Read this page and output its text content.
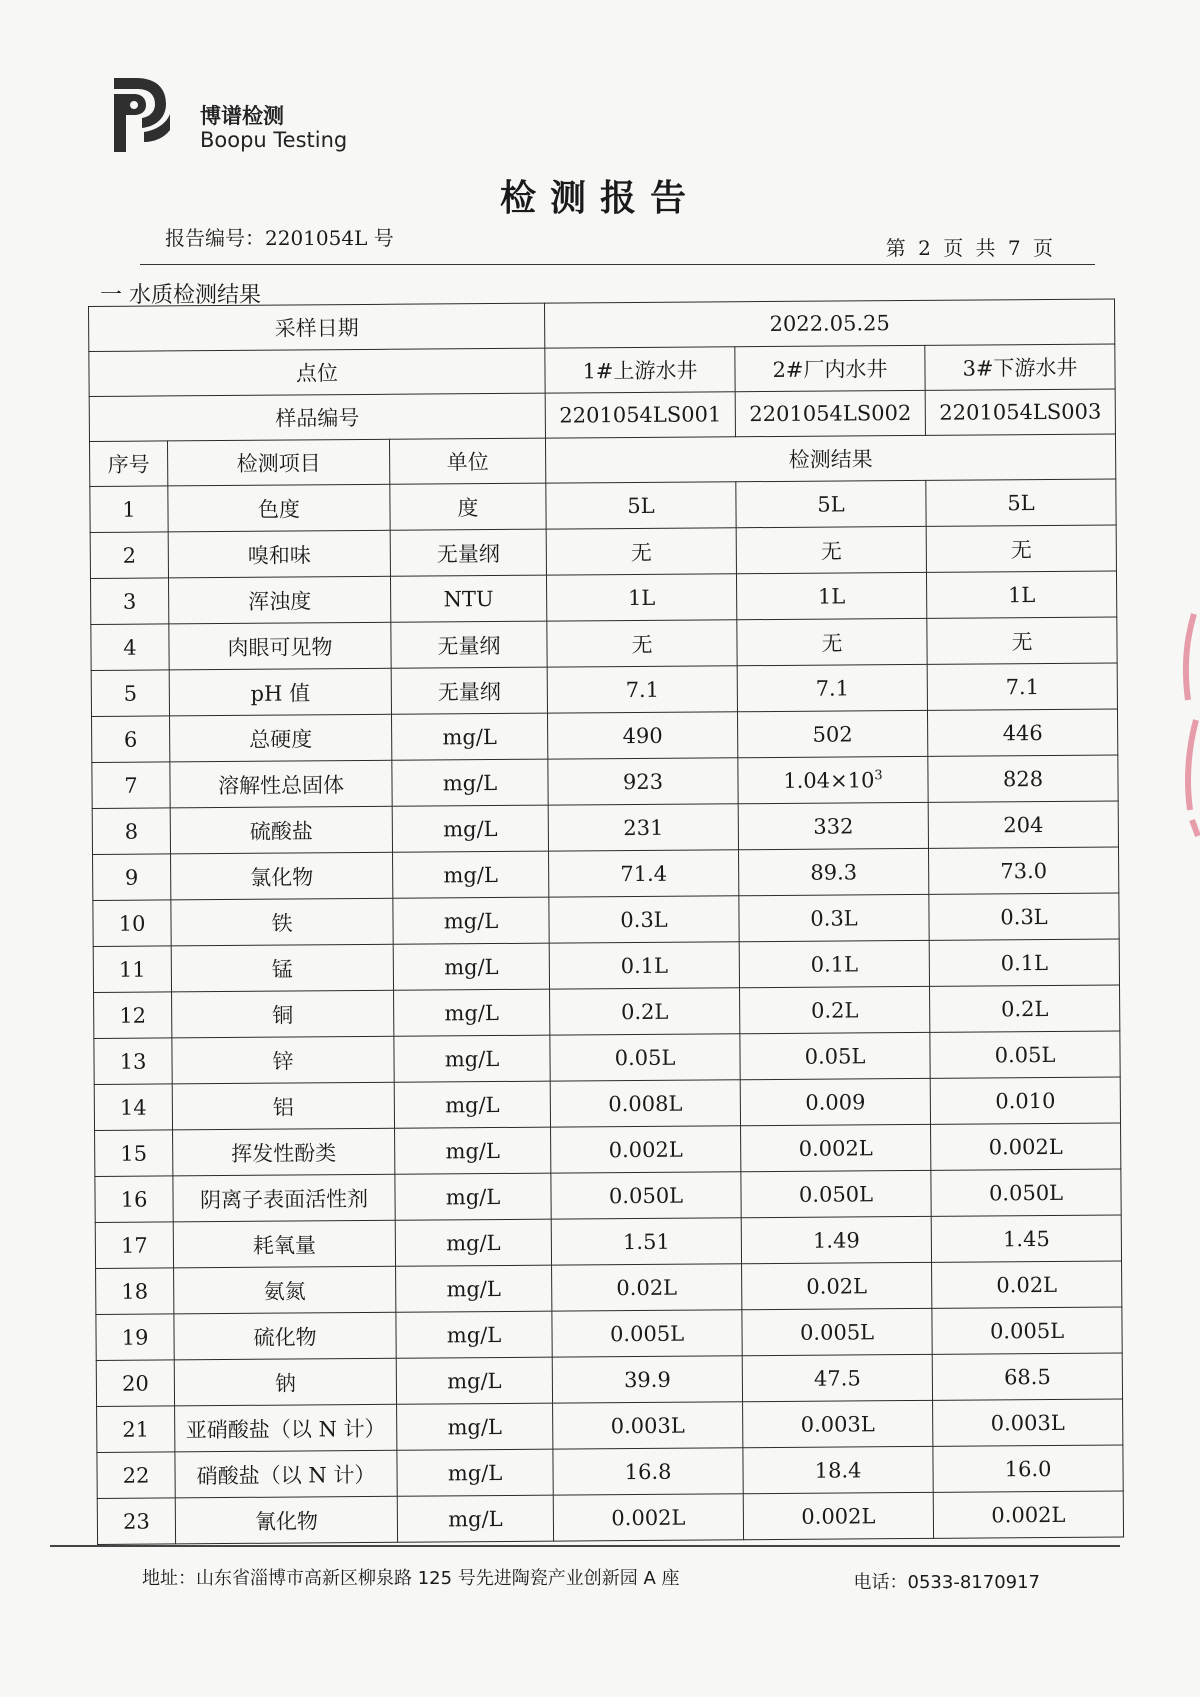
博谱检测
Boopu Testing
检测报告
报告编号：2201054L 号	第 2 页 共 7 页
一 水质检测结果
采样日期			2022.05.25		
点位			1#上游水井	2#厂内水井	3#下游水井
样品编号			2201054LS001	2201054LS002	2201054LS003
序号	检测项目	单位	检测结果		
1	色度	度	5L	5L	5L
2	嗅和味	无量纲	无	无	无
3	浑浊度	NTU	1L	1L	1L
4	肉眼可见物	无量纲	无	无	无
5	pH 值	无量纲	7.1	7.1	7.1
6	总硬度	mg/L	490	502	446
7	溶解性总固体	mg/L	923	$1.04\times 10^3$	828
8	硫酸盐	mg/L	231	332	204
9	氯化物	mg/L	71.4	89.3	73.0
10	铁	mg/L	0.3L	0.3L	0.3L
11	锰	mg/L	0.1L	0.1L	0.1L
12	铜	mg/L	0.2L	0.2L	0.2L
13	锌	mg/L	0.05L	0.05L	0.05L
14	铝	mg/L	0.008L	0.009	0.010
15	挥发性酚类	mg/L	0.002L	0.002L	0.002L
16	阴离子表面活性剂	mg/L	0.050L	0.050L	0.050L
17	耗氧量	mg/L	1.51	1.49	1.45
18	氨氮	mg/L	0.02L	0.02L	0.02L
19	硫化物	mg/L	0.005L	0.005L	0.005L
20	钠	mg/L	39.9	47.5	68.5
21	亚硝酸盐（以 N 计）	mg/L	0.003L	0.003L	0.003L
22	硝酸盐（以 N 计）	mg/L	16.8	18.4	16.0
23	氰化物	mg/L	0.002L	0.002L	0.002L
地址：山东省淄博市高新区柳泉路 125 号先进陶瓷产业创新园 A 座	电话：0533-8170917
